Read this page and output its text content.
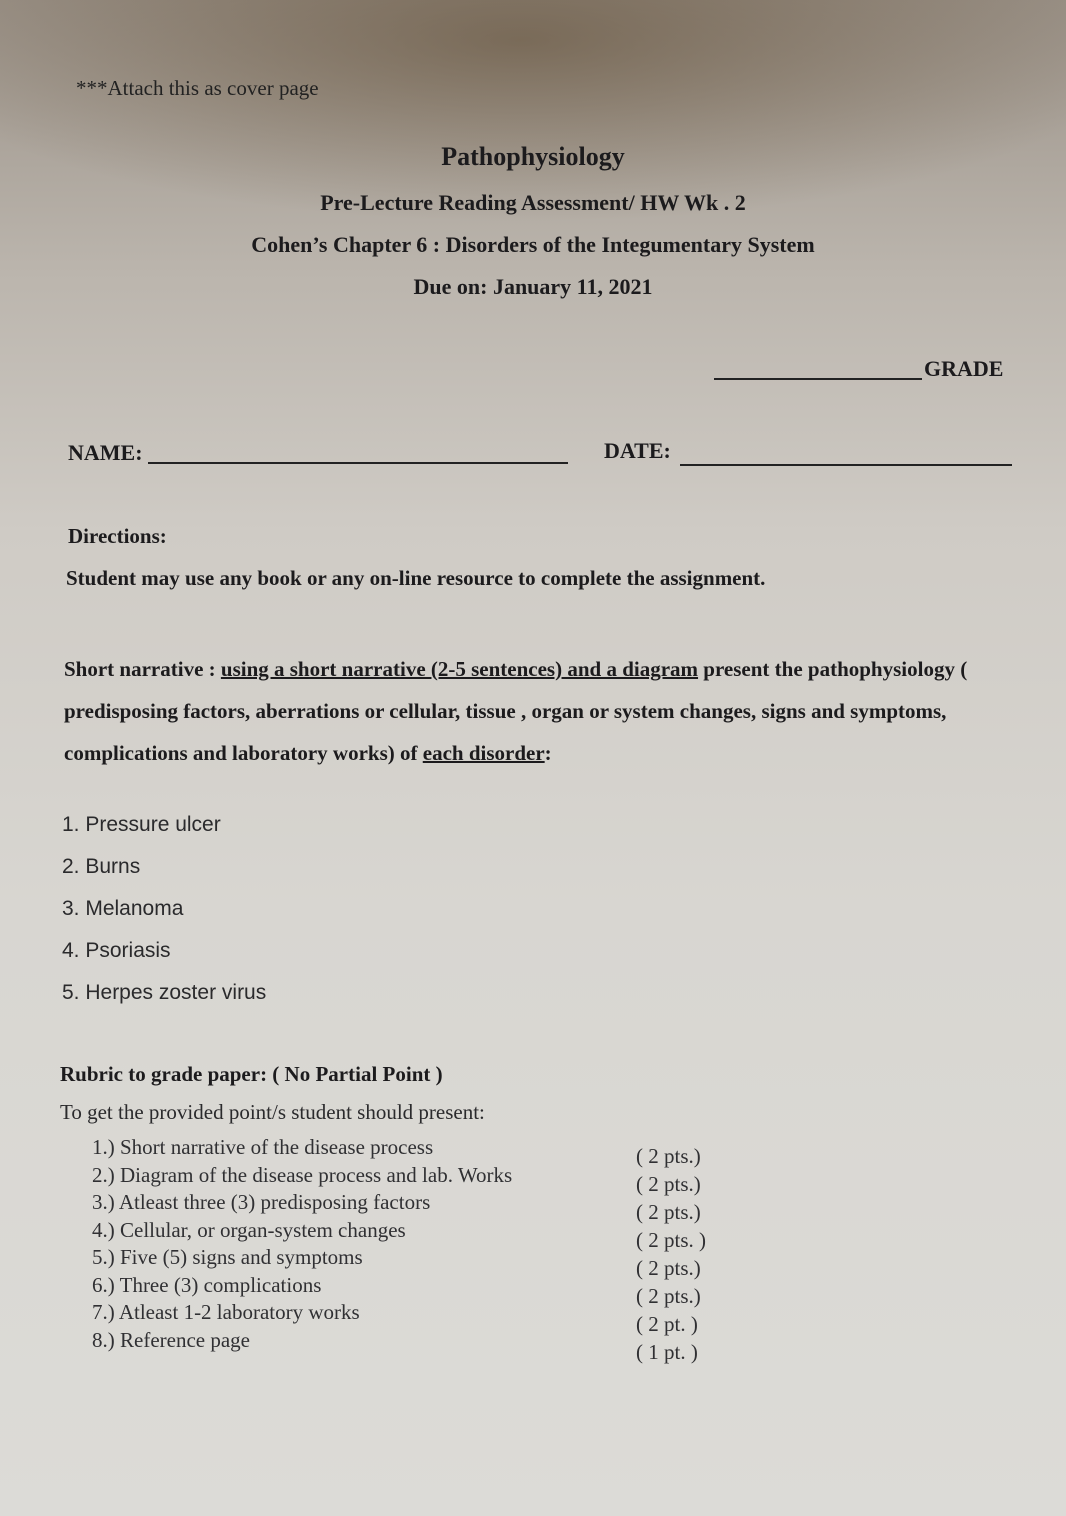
***Attach this as cover page
Pathophysiology
Pre-Lecture Reading Assessment/ HW Wk . 2
Cohen’s Chapter 6 : Disorders of the Integumentary System
Due on: January 11, 2021
GRADE
NAME:	DATE:
Directions:
Student may use any book or any on-line resource to complete the assignment.
Short narrative : using a short narrative (2-5 sentences) and a diagram present the pathophysiology ( predisposing factors, aberrations or cellular, tissue , organ or system changes, signs and symptoms, complications and laboratory works) of each disorder:
1. Pressure ulcer
2. Burns
3. Melanoma
4. Psoriasis
5. Herpes zoster virus
Rubric to grade paper: ( No Partial Point )
To get the provided point/s student should present:
1.) Short narrative of the disease process
2.) Diagram of the disease process and lab. Works
3.) Atleast three (3) predisposing factors
4.) Cellular, or organ-system changes
5.) Five (5) signs and symptoms
6.) Three (3) complications
7.) Atleast 1-2 laboratory works
8.) Reference page
( 2 pts.)
( 2 pts.)
( 2 pts.)
( 2 pts. )
( 2 pts.)
( 2 pts.)
( 2 pt. )
( 1 pt. )
